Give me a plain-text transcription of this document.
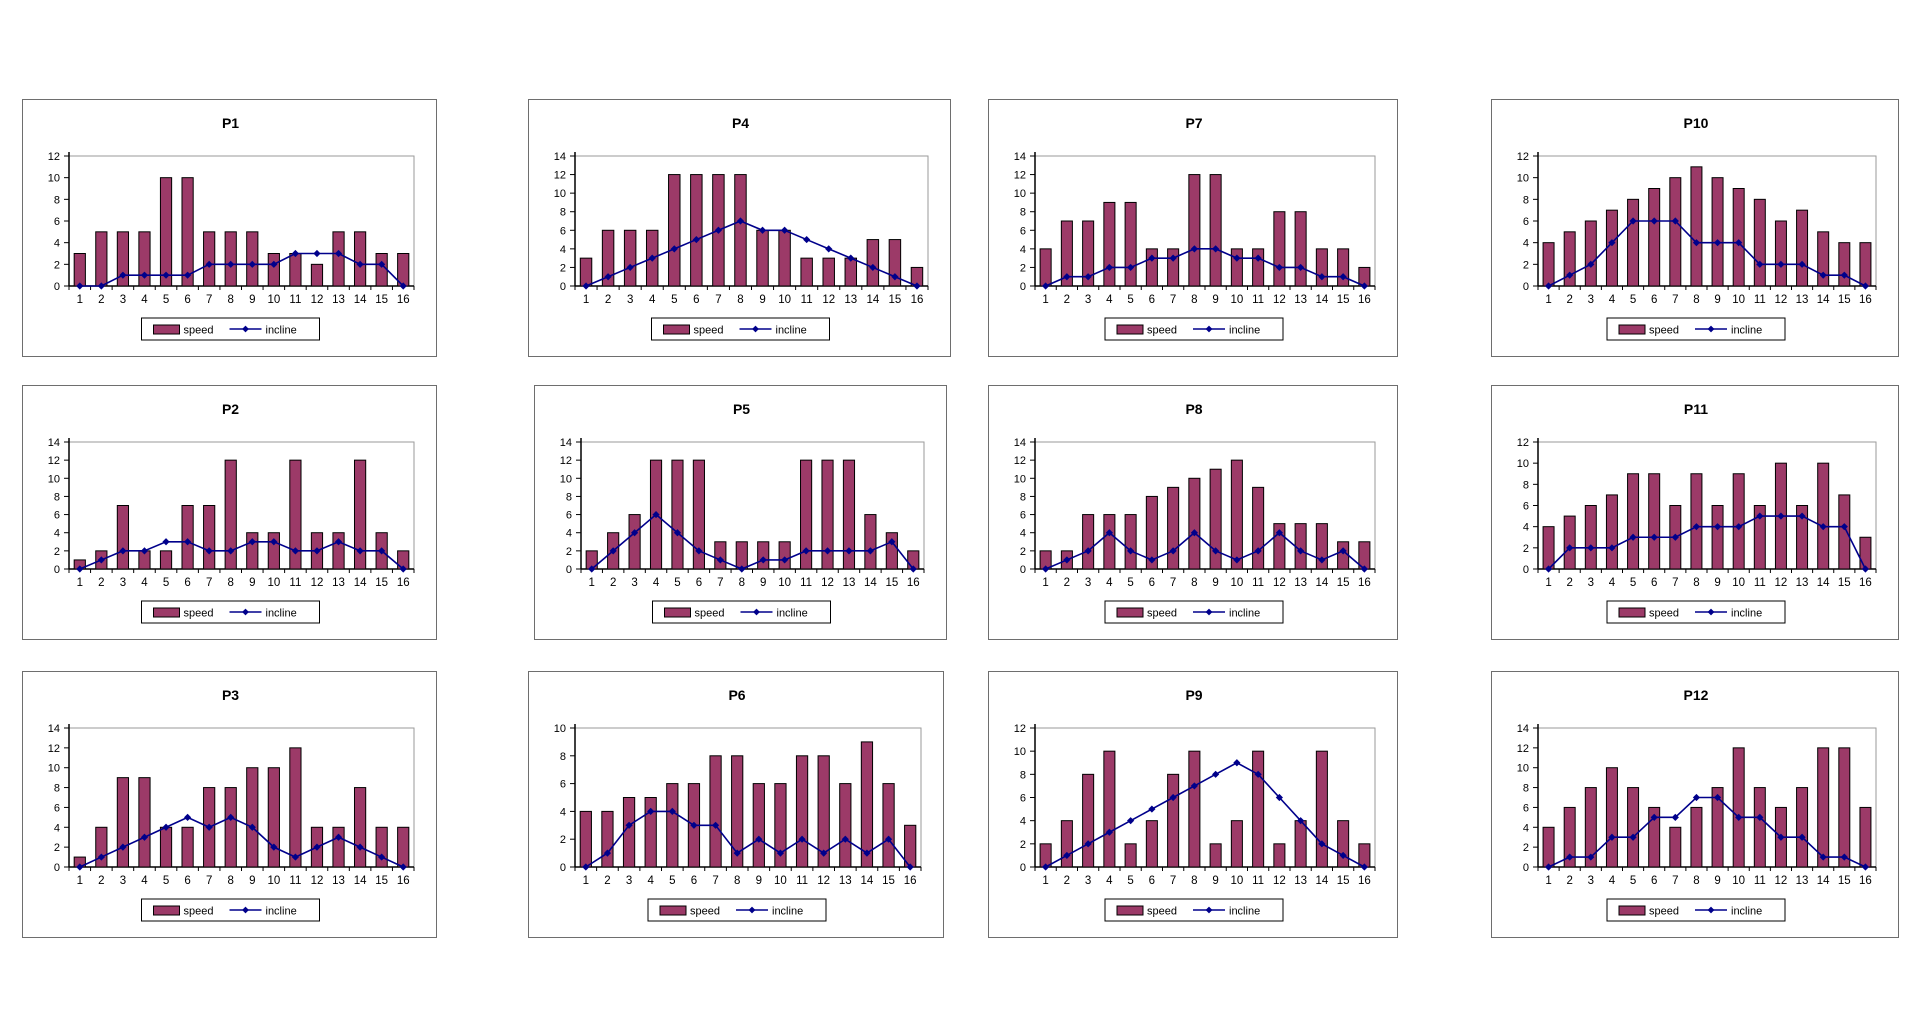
P1
0
2
4
6
8
10
12
1 2 3 4 5 6 7 8 9 10 11 12 13 14 15 16
speed	incline
P2
0
2
4
6
8
10
12
14
1 2 3 4 5 6 7 8 9 10 11 12 13 14 15 16
speed	incline
P3
0
2
4
6
8
10
12
14
1 2 3 4 5 6 7 8 9 10 11 12 13 14 15 16
speed	incline
P4
0
2
4
6
8
10
12
14
1 2 3 4 5 6 7 8 9 10 11 12 13 14 15 16
speed	incline
P5
0
2
4
6
8
10
12
14
1 2 3 4 5 6 7 8 9 10 11 12 13 14 15 16
speed	incline
P6
0
2
4
6
8
10
1 2 3 4 5 6 7 8 9 10 11 12 13 14 15 16
speed	incline
P7
0
2
4
6
8
10
12
14
1 2 3 4 5 6 7 8 9 10 11 12 13 14 15 16
speed	incline
P8
0
2
4
6
8
10
12
14
1 2 3 4 5 6 7 8 9 10 11 12 13 14 15 16
speed	incline
P9
0
2
4
6
8
10
12
1 2 3 4 5 6 7 8 9 10 11 12 13 14 15 16
speed	incline
P10
0
2
4
6
8
10
12
1 2 3 4 5 6 7 8 9 10 11 12 13 14 15 16
speed	incline
P11
0
2
4
6
8
10
12
1 2 3 4 5 6 7 8 9 10 11 12 13 14 15 16
speed	incline
P12
0
2
4
6
8
10
12
14
1 2 3 4 5 6 7 8 9 10 11 12 13 14 15 16
speed	incline
